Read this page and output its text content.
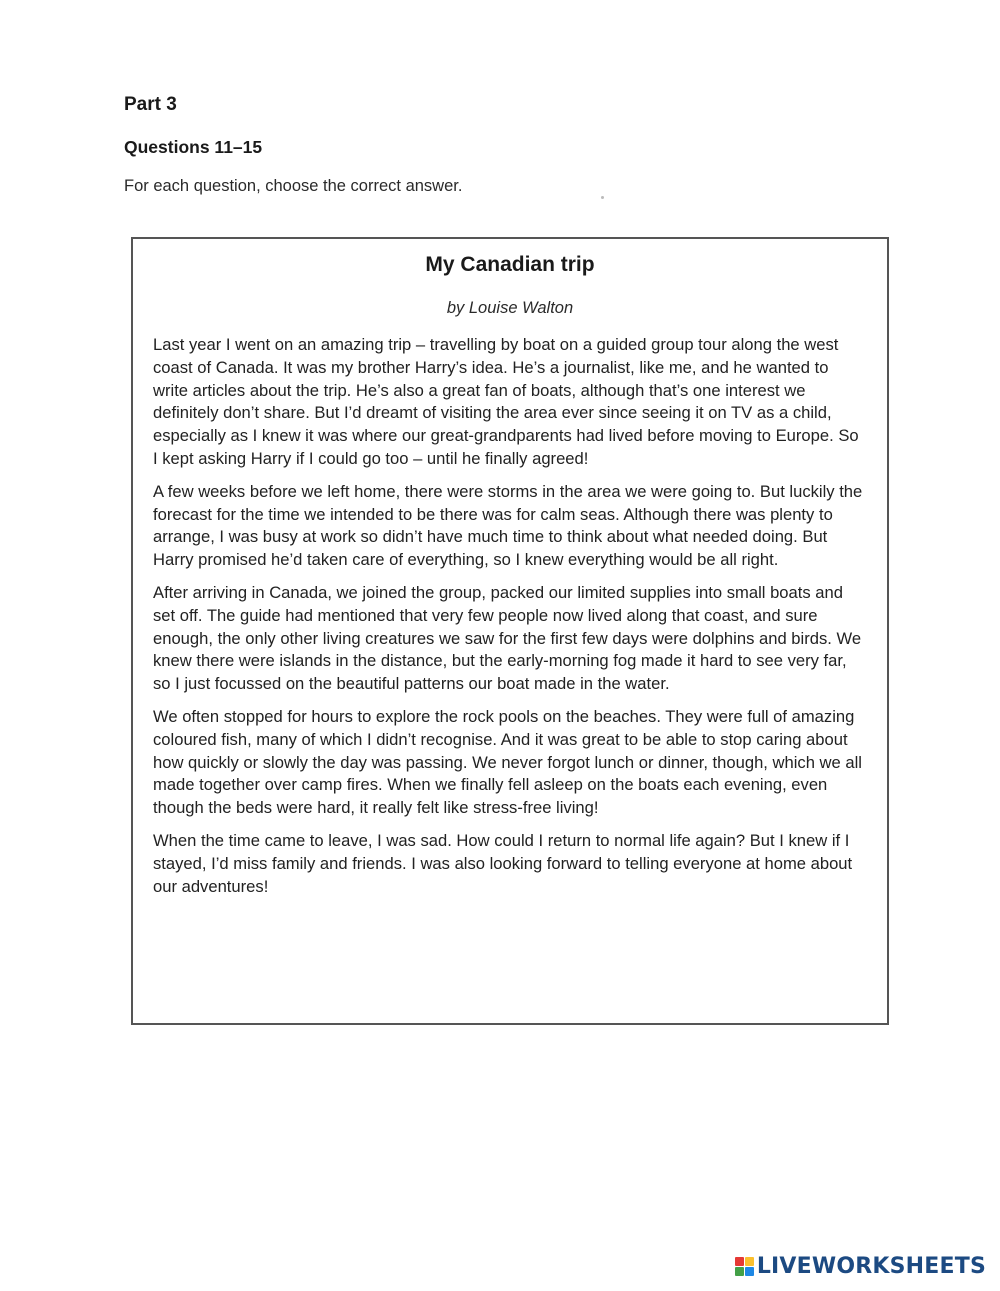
Part 3
Questions 11–15

For each question, choose the correct answer.

My Canadian trip

by Louise Walton

Last year I went on an amazing trip – travelling by boat on a guided group tour along the west coast of Canada. It was my brother Harry’s idea. He’s a journalist, like me, and he wanted to write articles about the trip. He’s also a great fan of boats, although that’s one interest we definitely don’t share. But I’d dreamt of visiting the area ever since seeing it on TV as a child, especially as I knew it was where our great-grandparents had lived before moving to Europe. So I kept asking Harry if I could go too – until he finally agreed!

A few weeks before we left home, there were storms in the area we were going to. But luckily the forecast for the time we intended to be there was for calm seas. Although there was plenty to arrange, I was busy at work so didn’t have much time to think about what needed doing. But Harry promised he’d taken care of everything, so I knew everything would be all right.

After arriving in Canada, we joined the group, packed our limited supplies into small boats and set off. The guide had mentioned that very few people now lived along that coast, and sure enough, the only other living creatures we saw for the first few days were dolphins and birds. We knew there were islands in the distance, but the early-morning fog made it hard to see very far, so I just focussed on the beautiful patterns our boat made in the water.

We often stopped for hours to explore the rock pools on the beaches. They were full of amazing coloured fish, many of which I didn’t recognise. And it was great to be able to stop caring about how quickly or slowly the day was passing. We never forgot lunch or dinner, though, which we all made together over camp fires. When we finally fell asleep on the boats each evening, even though the beds were hard, it really felt like stress-free living!

When the time came to leave, I was sad. How could I return to normal life again? But I knew if I stayed, I’d miss family and friends. I was also looking forward to telling everyone at home about our adventures!

LIVEWORKSHEETS
